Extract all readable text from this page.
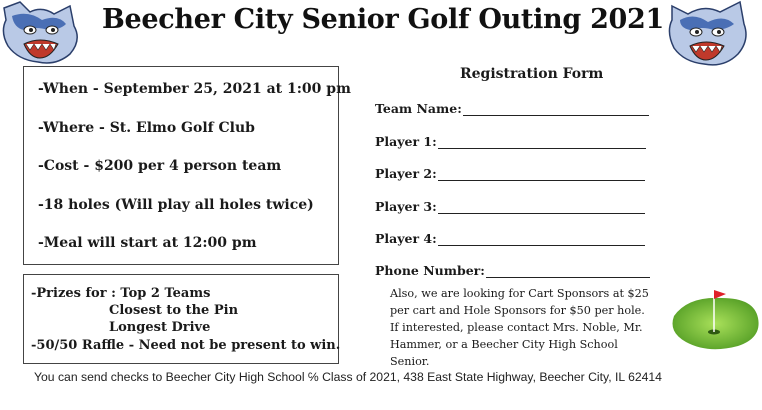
Beecher City Senior Golf Outing 2021
-When - September 25, 2021 at 1:00 pm
-Where - St. Elmo Golf Club
-Cost - $200 per 4 person team
-18 holes (Will play all holes twice)
-Meal will start at 12:00 pm
-Prizes for : Top 2 Teams
Closest to the Pin
Longest Drive
-50/50 Raffle - Need not be present to win.
Registration Form
Team Name:
Player 1:
Player 2:
Player 3:
Player 4:
Phone Number:
Also, we are looking for Cart Sponsors at $25 per cart and Hole Sponsors for $50 per hole. If interested, please contact Mrs. Noble, Mr. Hammer, or a Beecher City High School Senior.
You can send checks to Beecher City High School ℅ Class of 2021, 438 East State Highway, Beecher City, IL 62414
